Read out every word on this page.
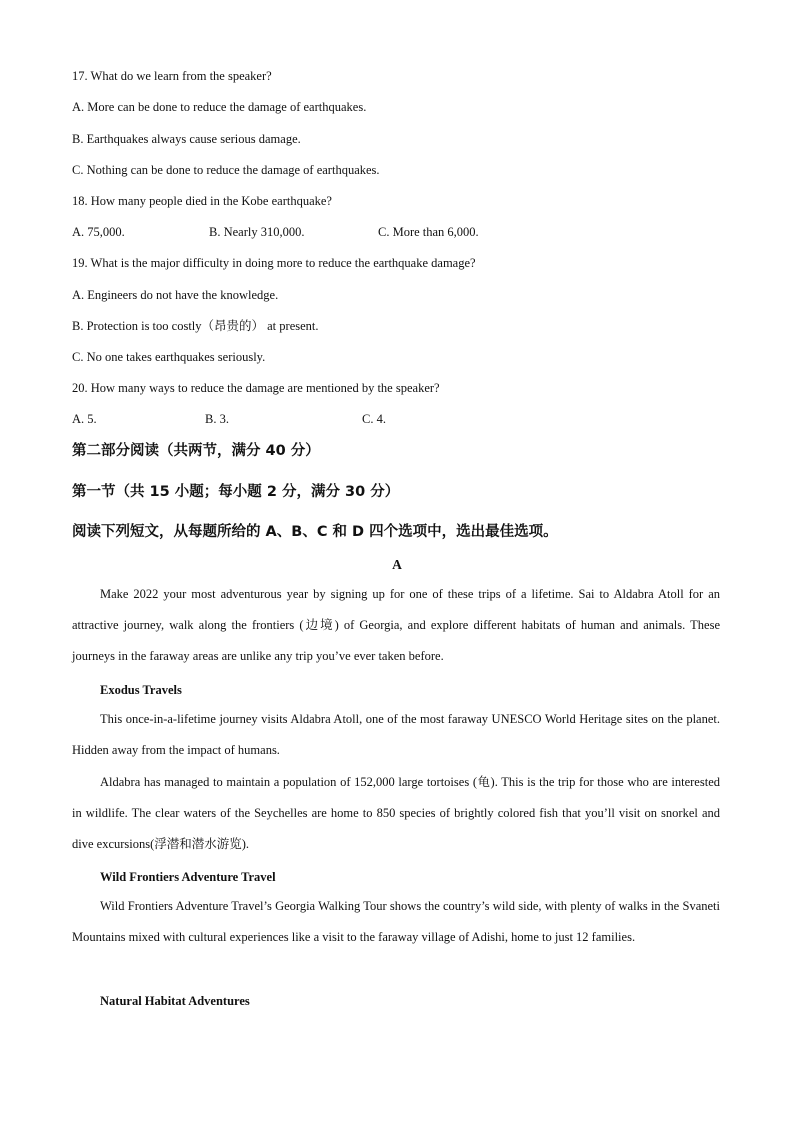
17. What do we learn from the speaker?
A. More can be done to reduce the damage of earthquakes.
B. Earthquakes always cause serious damage.
C. Nothing can be done to reduce the damage of earthquakes.
18. How many people died in the Kobe earthquake?
A. 75,000.	B. Nearly 310,000.	C. More than 6,000.
19. What is the major difficulty in doing more to reduce the earthquake damage?
A. Engineers do not have the knowledge.
B. Protection is too costly（昂贵的） at present.
C. No one takes earthquakes seriously.
20. How many ways to reduce the damage are mentioned by the speaker?
A. 5.	B. 3.	C. 4.
第二部分阅读（共两节，满分 40 分）
第一节（共 15 小题；每小题 2 分，满分 30 分）
阅读下列短文，从每题所给的 A、B、C 和 D 四个选项中，选出最佳选项。
A
Make 2022 your most adventurous year by signing up for one of these trips of a lifetime. Sai to Aldabra Atoll for an attractive journey, walk along the frontiers (边境) of Georgia, and explore different habitats of human and animals. These journeys in the faraway areas are unlike any trip you’ve ever taken before.
Exodus Travels
This once-in-a-lifetime journey visits Aldabra Atoll, one of the most faraway UNESCO World Heritage sites on the planet. Hidden away from the impact of humans.
Aldabra has managed to maintain a population of 152,000 large tortoises (龟). This is the trip for those who are interested in wildlife. The clear waters of the Seychelles are home to 850 species of brightly colored fish that you’ll visit on snorkel and dive excursions(浮潜和潜水游览).
Wild Frontiers Adventure Travel
Wild Frontiers Adventure Travel’s Georgia Walking Tour shows the country’s wild side, with plenty of walks in the Svaneti Mountains mixed with cultural experiences like a visit to the faraway village of Adishi, home to just 12 families.
Natural Habitat Adventures
